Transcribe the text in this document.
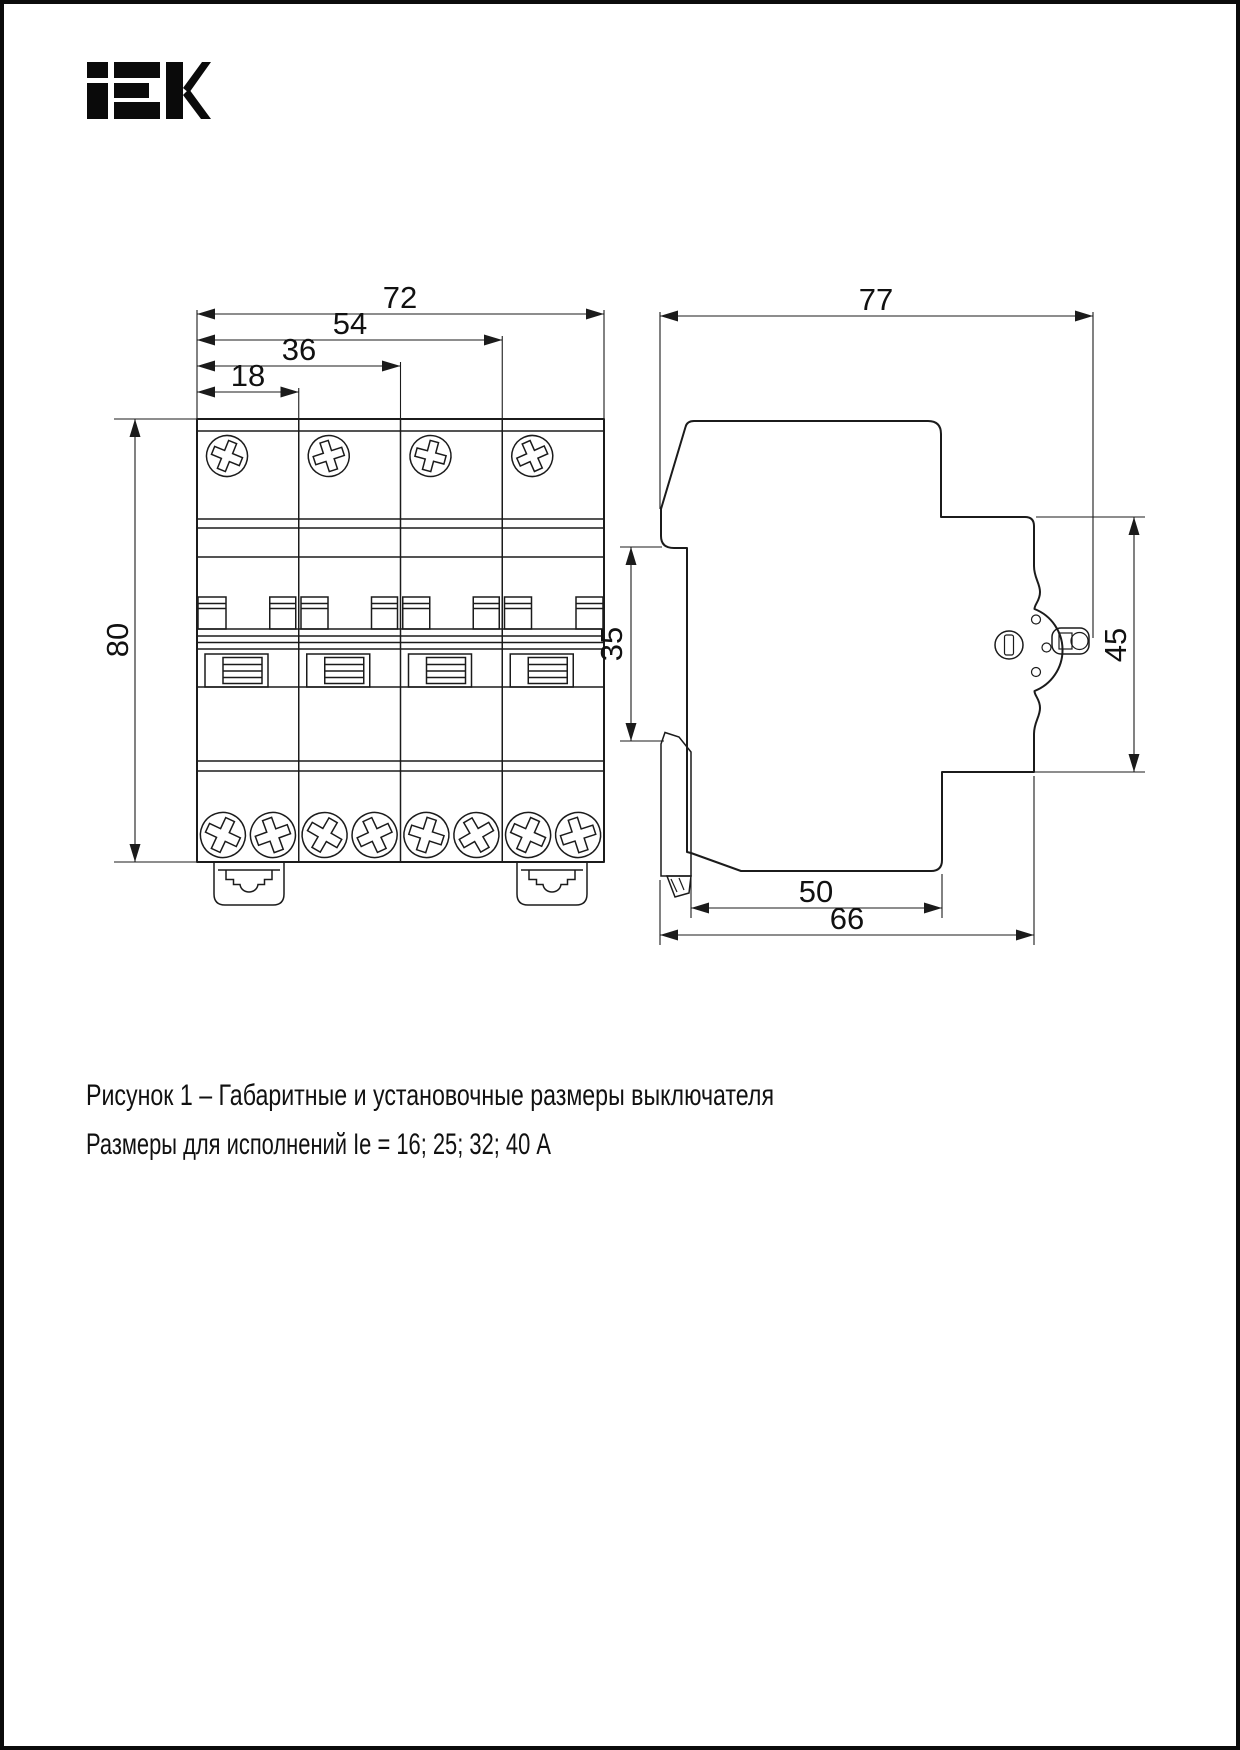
72
54
36
18
80
77
35	45
50
66
Рисунок 1 – Габаритные и установочные размеры выключателя
Размеры для исполнений Ie = 16; 25; 32; 40 А
